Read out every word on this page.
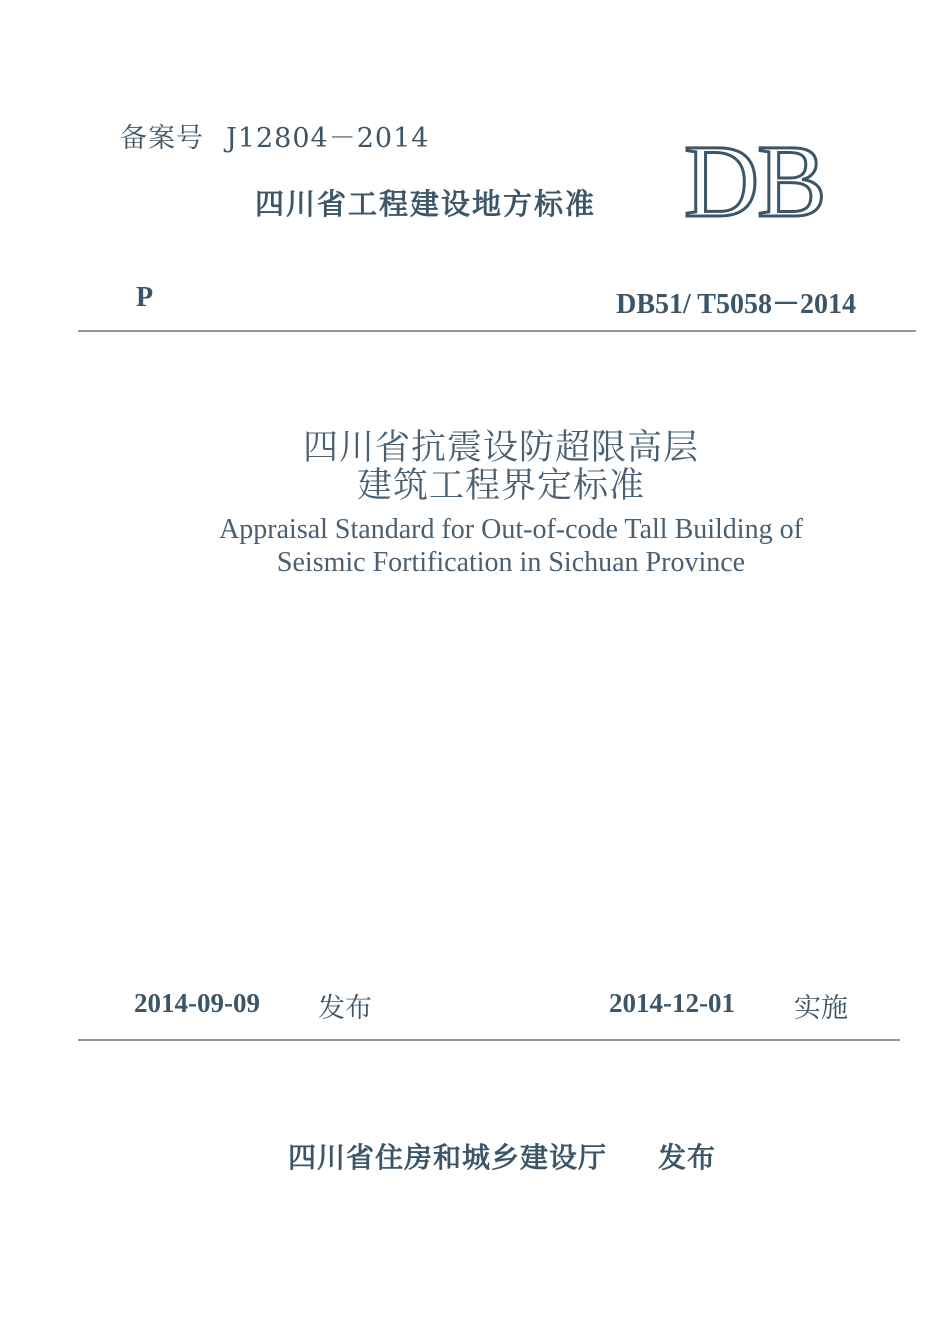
备案号 J12804－2014
四川省工程建设地方标准 DB
P	DB51/ T5058－2014
四川省抗震设防超限高层
建筑工程界定标准
Appraisal Standard for Out-of-code Tall Building of
Seismic Fortification in Sichuan Province
2014-09-09 发布	2014-12-01 实施
四川省住房和城乡建设厅 发布
